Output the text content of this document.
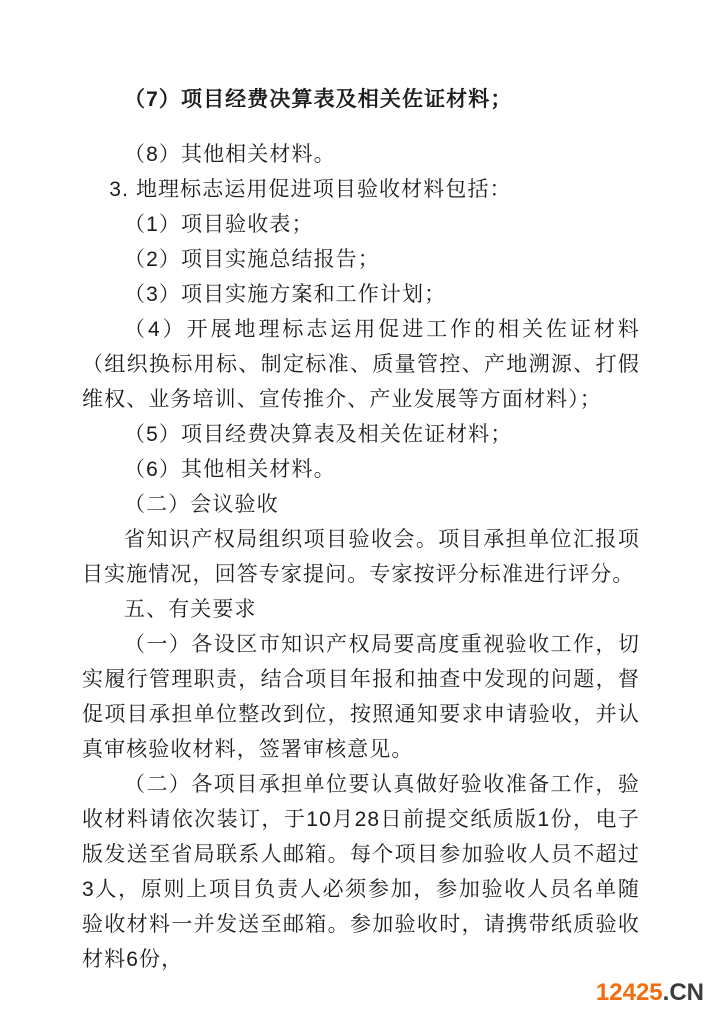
（7）项目经费决算表及相关佐证材料；

（8）其他相关材料。

3. 地理标志运用促进项目验收材料包括：

（1）项目验收表；

（2）项目实施总结报告；

（3）项目实施方案和工作计划；

（4）开展地理标志运用促进工作的相关佐证材料（组织换标用标、制定标准、质量管控、产地溯源、打假维权、业务培训、宣传推介、产业发展等方面材料）；

（5）项目经费决算表及相关佐证材料；

（6）其他相关材料。

（二）会议验收

省知识产权局组织项目验收会。项目承担单位汇报项目实施情况，回答专家提问。专家按评分标准进行评分。

五、有关要求

（一）各设区市知识产权局要高度重视验收工作，切实履行管理职责，结合项目年报和抽查中发现的问题，督促项目承担单位整改到位，按照通知要求申请验收，并认真审核验收材料，签署审核意见。

（二）各项目承担单位要认真做好验收准备工作，验收材料请依次装订，于10月28日前提交纸质版1份，电子版发送至省局联系人邮箱。每个项目参加验收人员不超过3人，原则上项目负责人必须参加，参加验收人员名单随验收材料一并发送至邮箱。参加验收时，请携带纸质验收材料6份，

12425.CN
